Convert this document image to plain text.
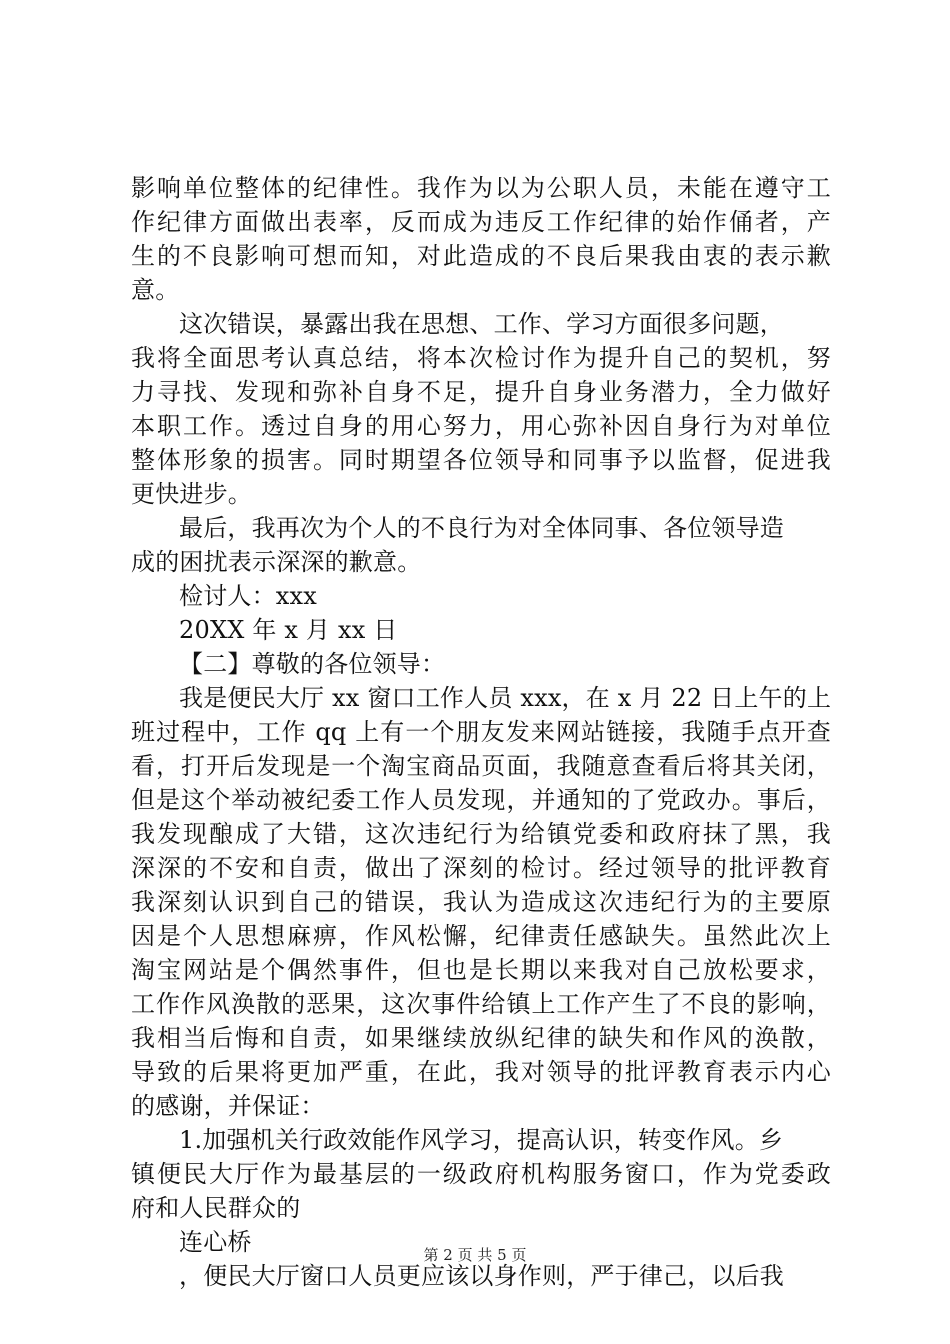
影响单位整体的纪律性。我作为以为公职人员，未能在遵守工
作纪律方面做出表率，反而成为违反工作纪律的始作俑者，产
生的不良影响可想而知，对此造成的不良后果我由衷的表示歉
意。
这次错误，暴露出我在思想、工作、学习方面很多问题，
我将全面思考认真总结，将本次检讨作为提升自己的契机，努
力寻找、发现和弥补自身不足，提升自身业务潜力，全力做好
本职工作。透过自身的用心努力，用心弥补因自身行为对单位
整体形象的损害。同时期望各位领导和同事予以监督，促进我
更快进步。
最后，我再次为个人的不良行为对全体同事、各位领导造
成的困扰表示深深的歉意。
检讨人：xxx
20XX 年 x 月 xx 日
【二】尊敬的各位领导：
我是便民大厅 xx 窗口工作人员 xxx，在 x 月 22 日上午的上
班过程中，工作 qq 上有一个朋友发来网站链接，我随手点开查
看，打开后发现是一个淘宝商品页面，我随意查看后将其关闭，
但是这个举动被纪委工作人员发现，并通知的了党政办。事后，
我发现酿成了大错，这次违纪行为给镇党委和政府抹了黑，我
深深的不安和自责，做出了深刻的检讨。经过领导的批评教育
我深刻认识到自己的错误，我认为造成这次违纪行为的主要原
因是个人思想麻痹，作风松懈，纪律责任感缺失。虽然此次上
淘宝网站是个偶然事件，但也是长期以来我对自己放松要求，
工作作风涣散的恶果，这次事件给镇上工作产生了不良的影响，
我相当后悔和自责，如果继续放纵纪律的缺失和作风的涣散，
导致的后果将更加严重，在此，我对领导的批评教育表示内心
的感谢，并保证：
1.加强机关行政效能作风学习，提高认识，转变作风。乡
镇便民大厅作为最基层的一级政府机构服务窗口，作为党委政
府和人民群众的
连心桥
，便民大厅窗口人员更应该以身作则，严于律己，以后我
第 2 页 共 5 页
